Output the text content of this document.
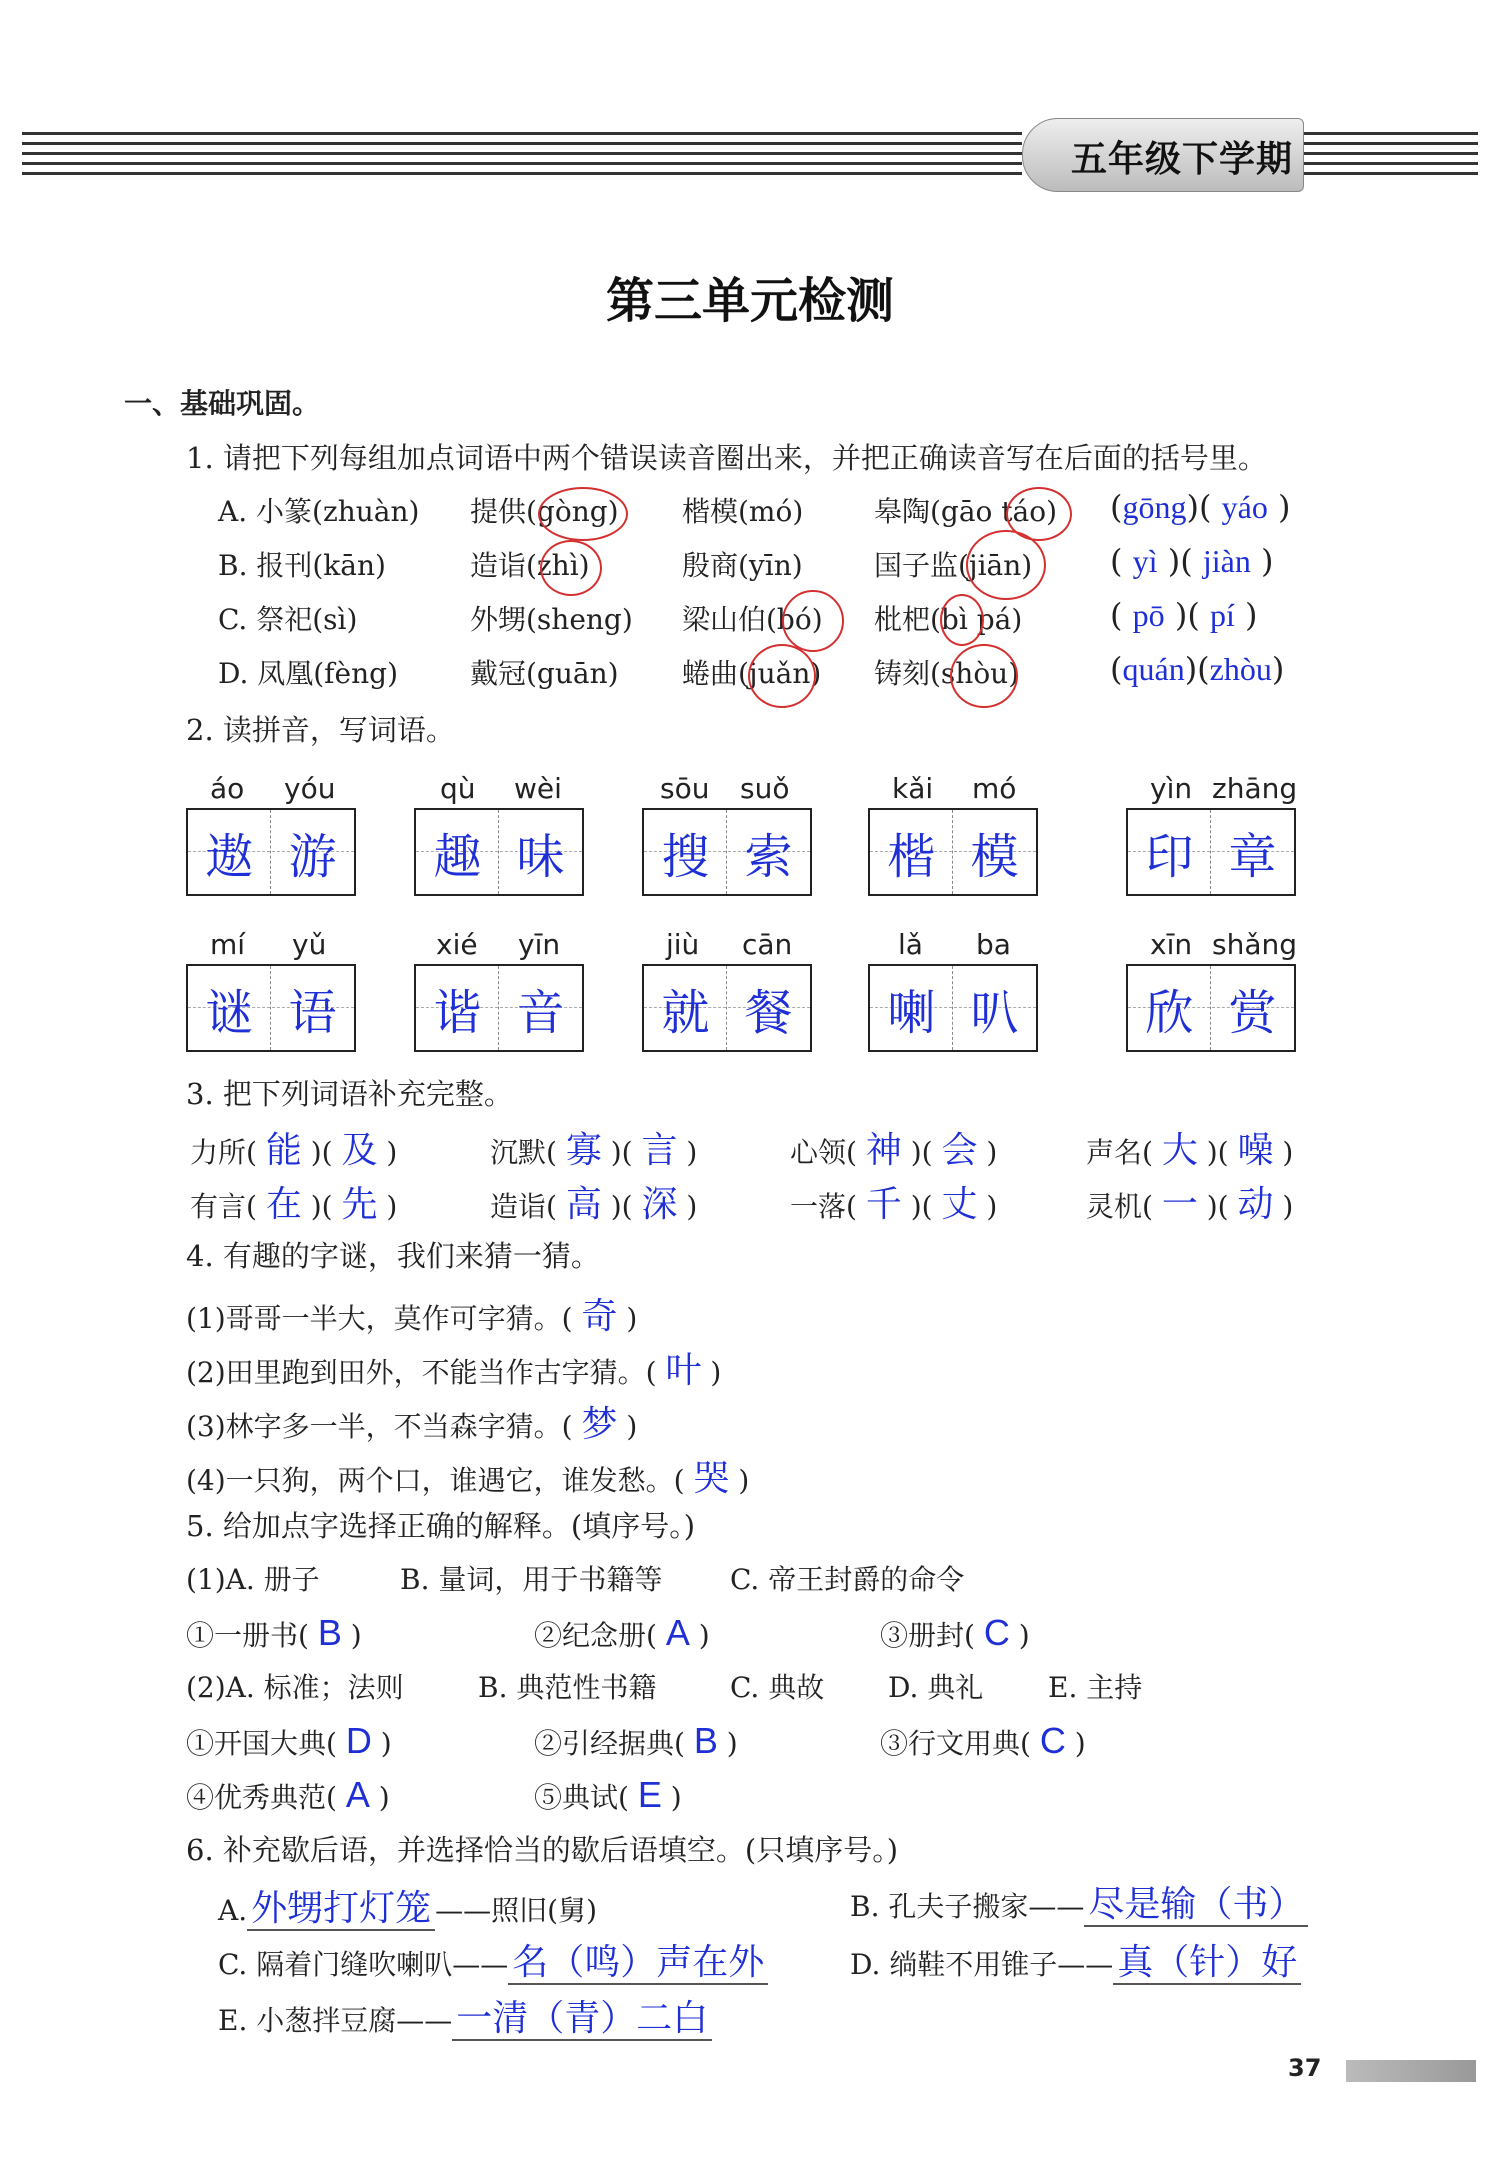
五年级下学期
第三单元检测
一、基础巩固。
1. 请把下列每组加点词语中两个错误读音圈出来，并把正确读音写在后面的括号里。
A. 小篆(zhuàn) 提供(gòng) 楷模(mó)	皋陶(gāo táo) (gōng)( yáo )
B. 报刊(kān)	造诣(zhì)	殷商(yīn)	国子监(jiān) ( yì )( jiàn )
C. 祭祀(sì)	外甥(sheng) 梁山伯(bó) 枇杷(bì pá)	( pō )( pí )
D. 凤凰(fèng)	戴冠(guān) 蜷曲(juǎn) 铸刻(shòu)	(quán)(zhòu)
2. 读拼音，写词语。
áo yóu
遨 游
qù wèi
趣 味
sōu suǒ
搜 索
kǎi mó
楷 模
yìn zhāng
印 章
mí yǔ
谜 语
xié yīn
谐 音
jiù cān
就 餐
lǎ ba
喇 叭
xīn shǎng
欣 赏
3. 把下列词语补充完整。
力所( 能 )( 及 )	沉默( 寡 )( 言 )	心领( 神 )( 会 )	声名( 大 )( 噪 )
有言( 在 )( 先 )	造诣( 高 )( 深 )	一落( 千 )( 丈 )	灵机( 一 )( 动 )
4. 有趣的字谜，我们来猜一猜。
(1)哥哥一半大，莫作可字猜。( 奇 )
(2)田里跑到田外，不能当作古字猜。( 叶 )
(3)林字多一半，不当森字猜。( 梦 )
(4)一只狗，两个口，谁遇它，谁发愁。( 哭 )
5. 给加点字选择正确的解释。(填序号。)
(1)A. 册子	B. 量词，用于书籍等 C. 帝王封爵的命令
①一册书( B )	②纪念册( A )	③册封( C )
(2)A. 标准；法则	B. 典范性书籍	C. 典故 D. 典礼 E. 主持
①开国大典( D )	②引经据典( B )	③行文用典( C )
④优秀典范( A )	⑤典试( E )
6. 补充歇后语，并选择恰当的歇后语填空。(只填序号。)
A. 外甥打灯笼 ——照旧(舅)	B. 孔夫子搬家—— 尽是输（书）
C. 隔着门缝吹喇叭—— 名（鸣）声在外	D. 绱鞋不用锥子—— 真（针）好
E. 小葱拌豆腐—— 一清（青）二白
37
